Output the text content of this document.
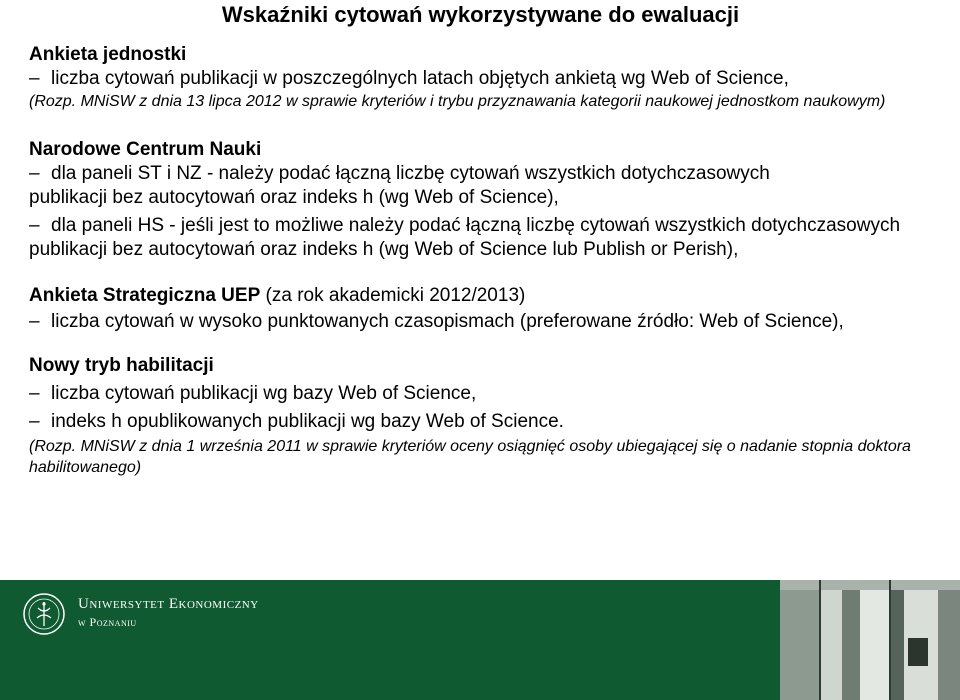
Wskaźniki cytowań wykorzystywane do ewaluacji
Ankieta jednostki
– liczba cytowań publikacji w poszczególnych latach objętych ankietą wg Web of Science,
(Rozp. MNiSW z dnia 13 lipca 2012 w sprawie kryteriów i trybu przyznawania kategorii naukowej jednostkom naukowym)
Narodowe Centrum Nauki
– dla paneli ST i NZ - należy podać łączną liczbę cytowań wszystkich dotychczasowych publikacji bez autocytowań oraz indeks h (wg Web of Science),
– dla paneli HS - jeśli jest to możliwe należy podać łączną liczbę cytowań wszystkich dotychczasowych publikacji bez autocytowań oraz indeks h (wg Web of Science lub Publish or Perish),
Ankieta Strategiczna UEP (za rok akademicki 2012/2013)
– liczba cytowań w wysoko punktowanych czasopismach (preferowane źródło: Web of Science),
Nowy tryb habilitacji
– liczba cytowań publikacji wg bazy Web of Science,
– indeks h opublikowanych publikacji wg bazy Web of Science.
(Rozp. MNiSW z dnia 1 września 2011 w sprawie kryteriów oceny osiągnięć osoby ubiegającej się o nadanie stopnia doktora habilitowanego)
Uniwersytet Ekonomiczny
w Poznaniu
